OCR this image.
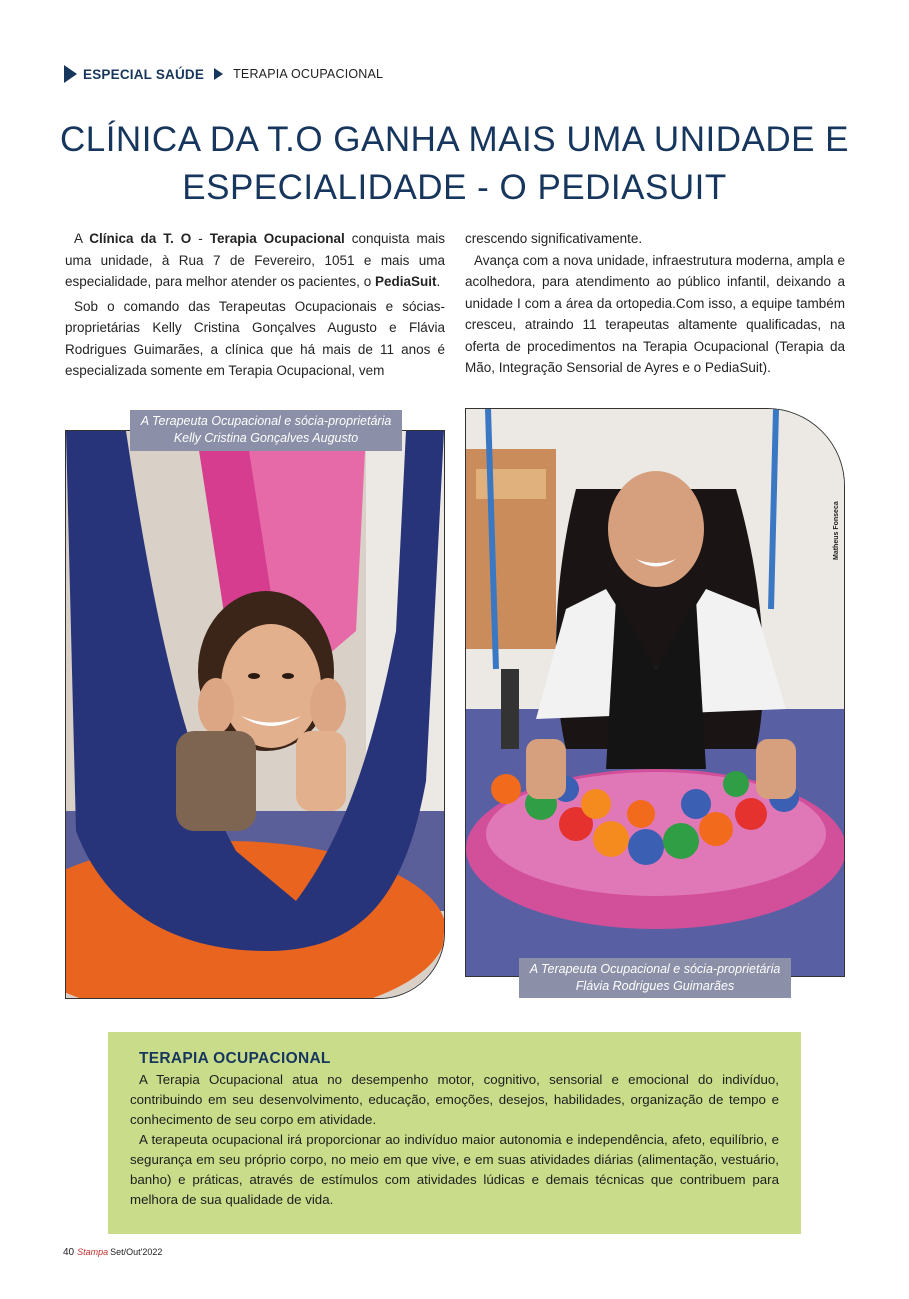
ESPECIAL SAÚDE TERAPIA OCUPACIONAL
CLÍNICA DA T.O GANHA MAIS UMA UNIDADE E
ESPECIALIDADE - O PEDIASUIT

A Clínica da T. O - Terapia Ocupacional conquista mais uma unidade, à Rua 7 de Fevereiro, 1051 e mais uma especialidade, para melhor atender os pacientes, o PediaSuit.

Sob o comando das Terapeutas Ocupacionais e sócias-proprietárias Kelly Cristina Gonçalves Augusto e Flávia Rodrigues Guimarães, a clínica que há mais de 11 anos é especializada somente em Terapia Ocupacional, vem

crescendo significativamente.

Avança com a nova unidade, infraestrutura moderna, ampla e acolhedora, para atendimento ao público infantil, deixando a unidade I com a área da ortopedia.Com isso, a equipe também cresceu, atraindo 11 terapeutas altamente qualificadas, na oferta de procedimentos na Terapia Ocupacional (Terapia da Mão, Integração Sensorial de Ayres e o PediaSuit).

A Terapeuta Ocupacional e sócia-proprietária
Kelly Cristina Gonçalves Augusto
A Terapeuta Ocupacional e sócia-proprietária
Flávia Rodrigues Guimarães
Matheus Fonseca
TERAPIA OCUPACIONAL

A Terapia Ocupacional atua no desempenho motor, cognitivo, sensorial e emocional do indivíduo, contribuindo em seu desenvolvimento, educação, emoções, desejos, habilidades, organização de tempo e conhecimento de seu corpo em atividade.

A terapeuta ocupacional irá proporcionar ao indivíduo maior autonomia e independência, afeto, equilíbrio, e segurança em seu próprio corpo, no meio em que vive, e em suas atividades diárias (alimentação, vestuário, banho) e práticas, através de estímulos com atividades lúdicas e demais técnicas que contribuem para melhora de sua qualidade de vida.

40 Stampa Set/Out'2022
